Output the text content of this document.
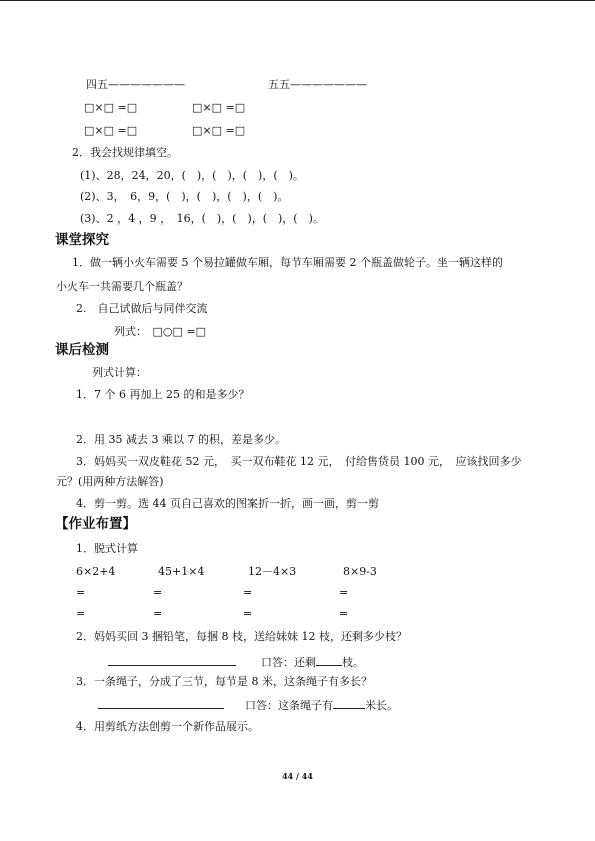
四五———————	五五———————
□×□ =□	□×□ =□
□×□ =□	□×□ =□
2．我会找规律填空。
(1)、28，24，20，(　)，(　)，(　)，(　)。
(2)、3，　6，9，(　)，(　)，(　)，(　)。
(3)、2 ，4 ，9 ，　16，(　)，(　)，(　)，(　)。
课堂探究
1．做一辆小火车需要 5 个易拉罐做车厢，每节车厢需要 2 个瓶盖做轮子。坐一辆这样的
小火车一共需要几个瓶盖？
2.　自己试做后与同伴交流
列式：　□○□ =□
课后检测
列式计算：
1．7 个 6 再加上 25 的和是多少？
2．用 35 减去 3 乘以 7 的积，差是多少。
3．妈妈买一双皮鞋花 52 元，　买一双布鞋花 12 元，　付给售货员 100 元，　应该找回多少
元？(用两种方法解答)
4．剪一剪。选 44 页自己喜欢的图案折一折，画一画，剪一剪
【作业布置】
1．脱式计算
6×2+4	45+1×4	12－4×3	8×9-3
=	=	=	=
=	=	=	=
2．妈妈买回 3 捆铅笔，每捆 8 枝，送给妹妹 12 枝，还剩多少枝？
口答：还剩 枝。
3．一条绳子，分成了三节，每节是 8 米，这条绳子有多长？
口答：这条绳子有	米长。
4．用剪纸方法创剪一个新作品展示。
44 / 44
